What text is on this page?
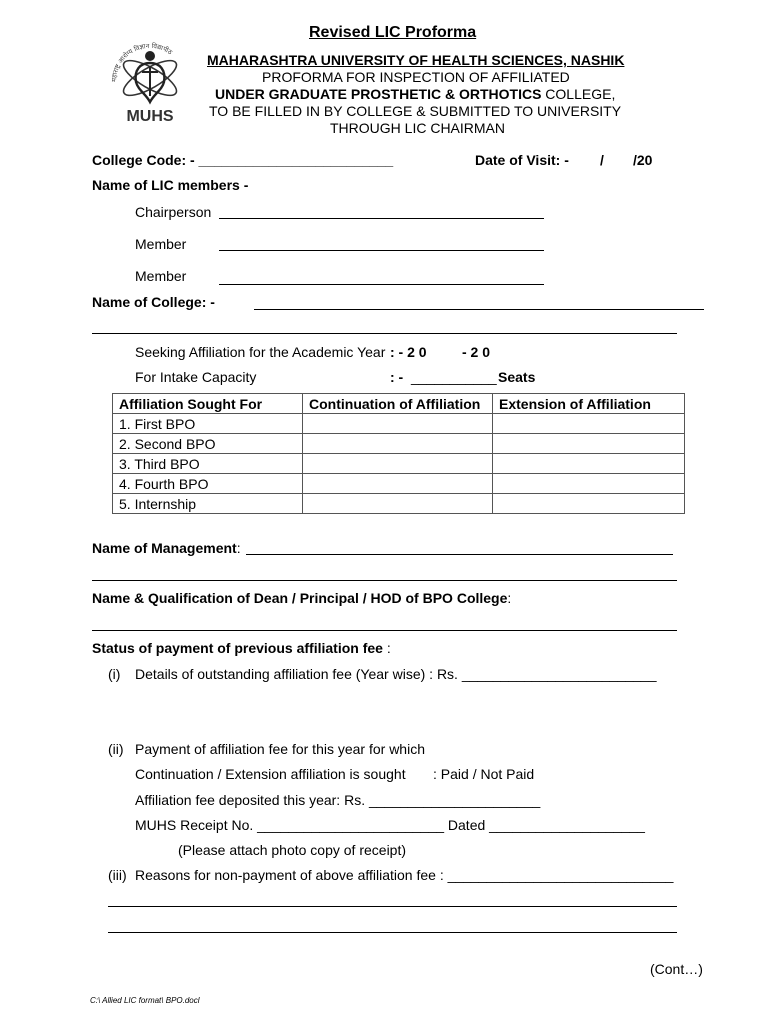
महाराष्ट्र आरोग्य विज्ञान विद्यापीठ
MUHS
Revised LIC Proforma
MAHARASHTRA UNIVERSITY OF HEALTH SCIENCES, NASHIK
PROFORMA FOR INSPECTION OF AFFILIATED
UNDER GRADUATE PROSTHETIC & ORTHOTICS COLLEGE,
TO BE FILLED IN BY COLLEGE & SUBMITTED TO UNIVERSITY
THROUGH LIC CHAIRMAN
College Code: - _________________________	Date of Visit: - / /20
Name of LIC members -
Chairperson
Member
Member
Name of College: -
Seeking Affiliation for the Academic Year : - 2 0	- 2 0
For Intake Capacity	: - ___________ Seats
Affiliation Sought For	Continuation of Affiliation	Extension of Affiliation
1. First BPO		
2. Second BPO		
3. Third BPO		
4. Fourth BPO		
5. Internship		
Name of Management:
Name & Qualification of Dean / Principal / HOD of BPO College:
Status of payment of previous affiliation fee :
(i) Details of outstanding affiliation fee (Year wise) : Rs. _________________________
(ii) Payment of affiliation fee for this year for which
Continuation / Extension affiliation is sought : Paid / Not Paid
Affiliation fee deposited this year: Rs. ______________________
MUHS Receipt No. ________________________ Dated ____________________
(Please attach photo copy of receipt)
(iii) Reasons for non-payment of above affiliation fee : _____________________________
(Cont…)
C:\ Allied LIC format\ BPO.docl
